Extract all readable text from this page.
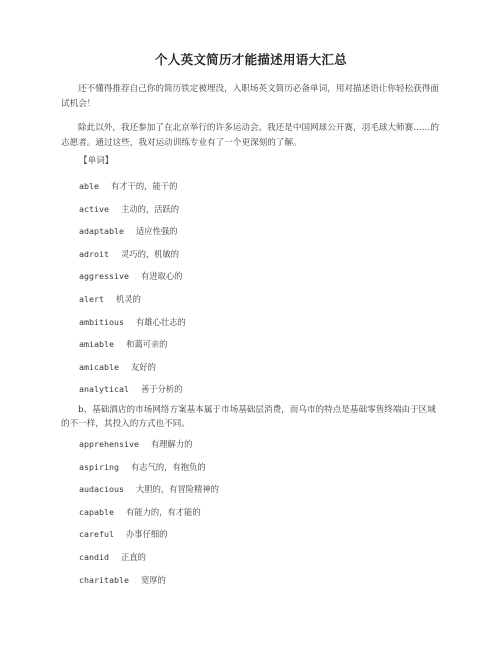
个人英文简历才能描述用语大汇总
还不懂得推荐自己你的简历铁定被埋没，入职场英文简历必备单词，用对描述语让你轻松获得面试机会！
除此以外，我还参加了在北京举行的许多运动会。我还是中国网球公开赛，羽毛球大师赛……的志愿者。通过这些，我对运动训练专业有了一个更深刻的了解。
【单词】
able 有才干的，能干的
active 主动的，活跃的
adaptable 适应性强的
adroit 灵巧的，机敏的
aggressive 有进取心的
alert 机灵的
ambitious 有雄心壮志的
amiable 和蔼可亲的
amicable 友好的
analytical 善于分析的
b、基础酒店的市场网络方案基本属于市场基础层消费，而乌市的特点是基础零售终端由于区域的不一样，其投入的方式也不同。
apprehensive 有理解力的
aspiring 有志气的，有抱负的
audacious 大胆的，有冒险精神的
capable 有能力的，有才能的
careful 办事仔细的
candid 正直的
charitable 宽厚的
